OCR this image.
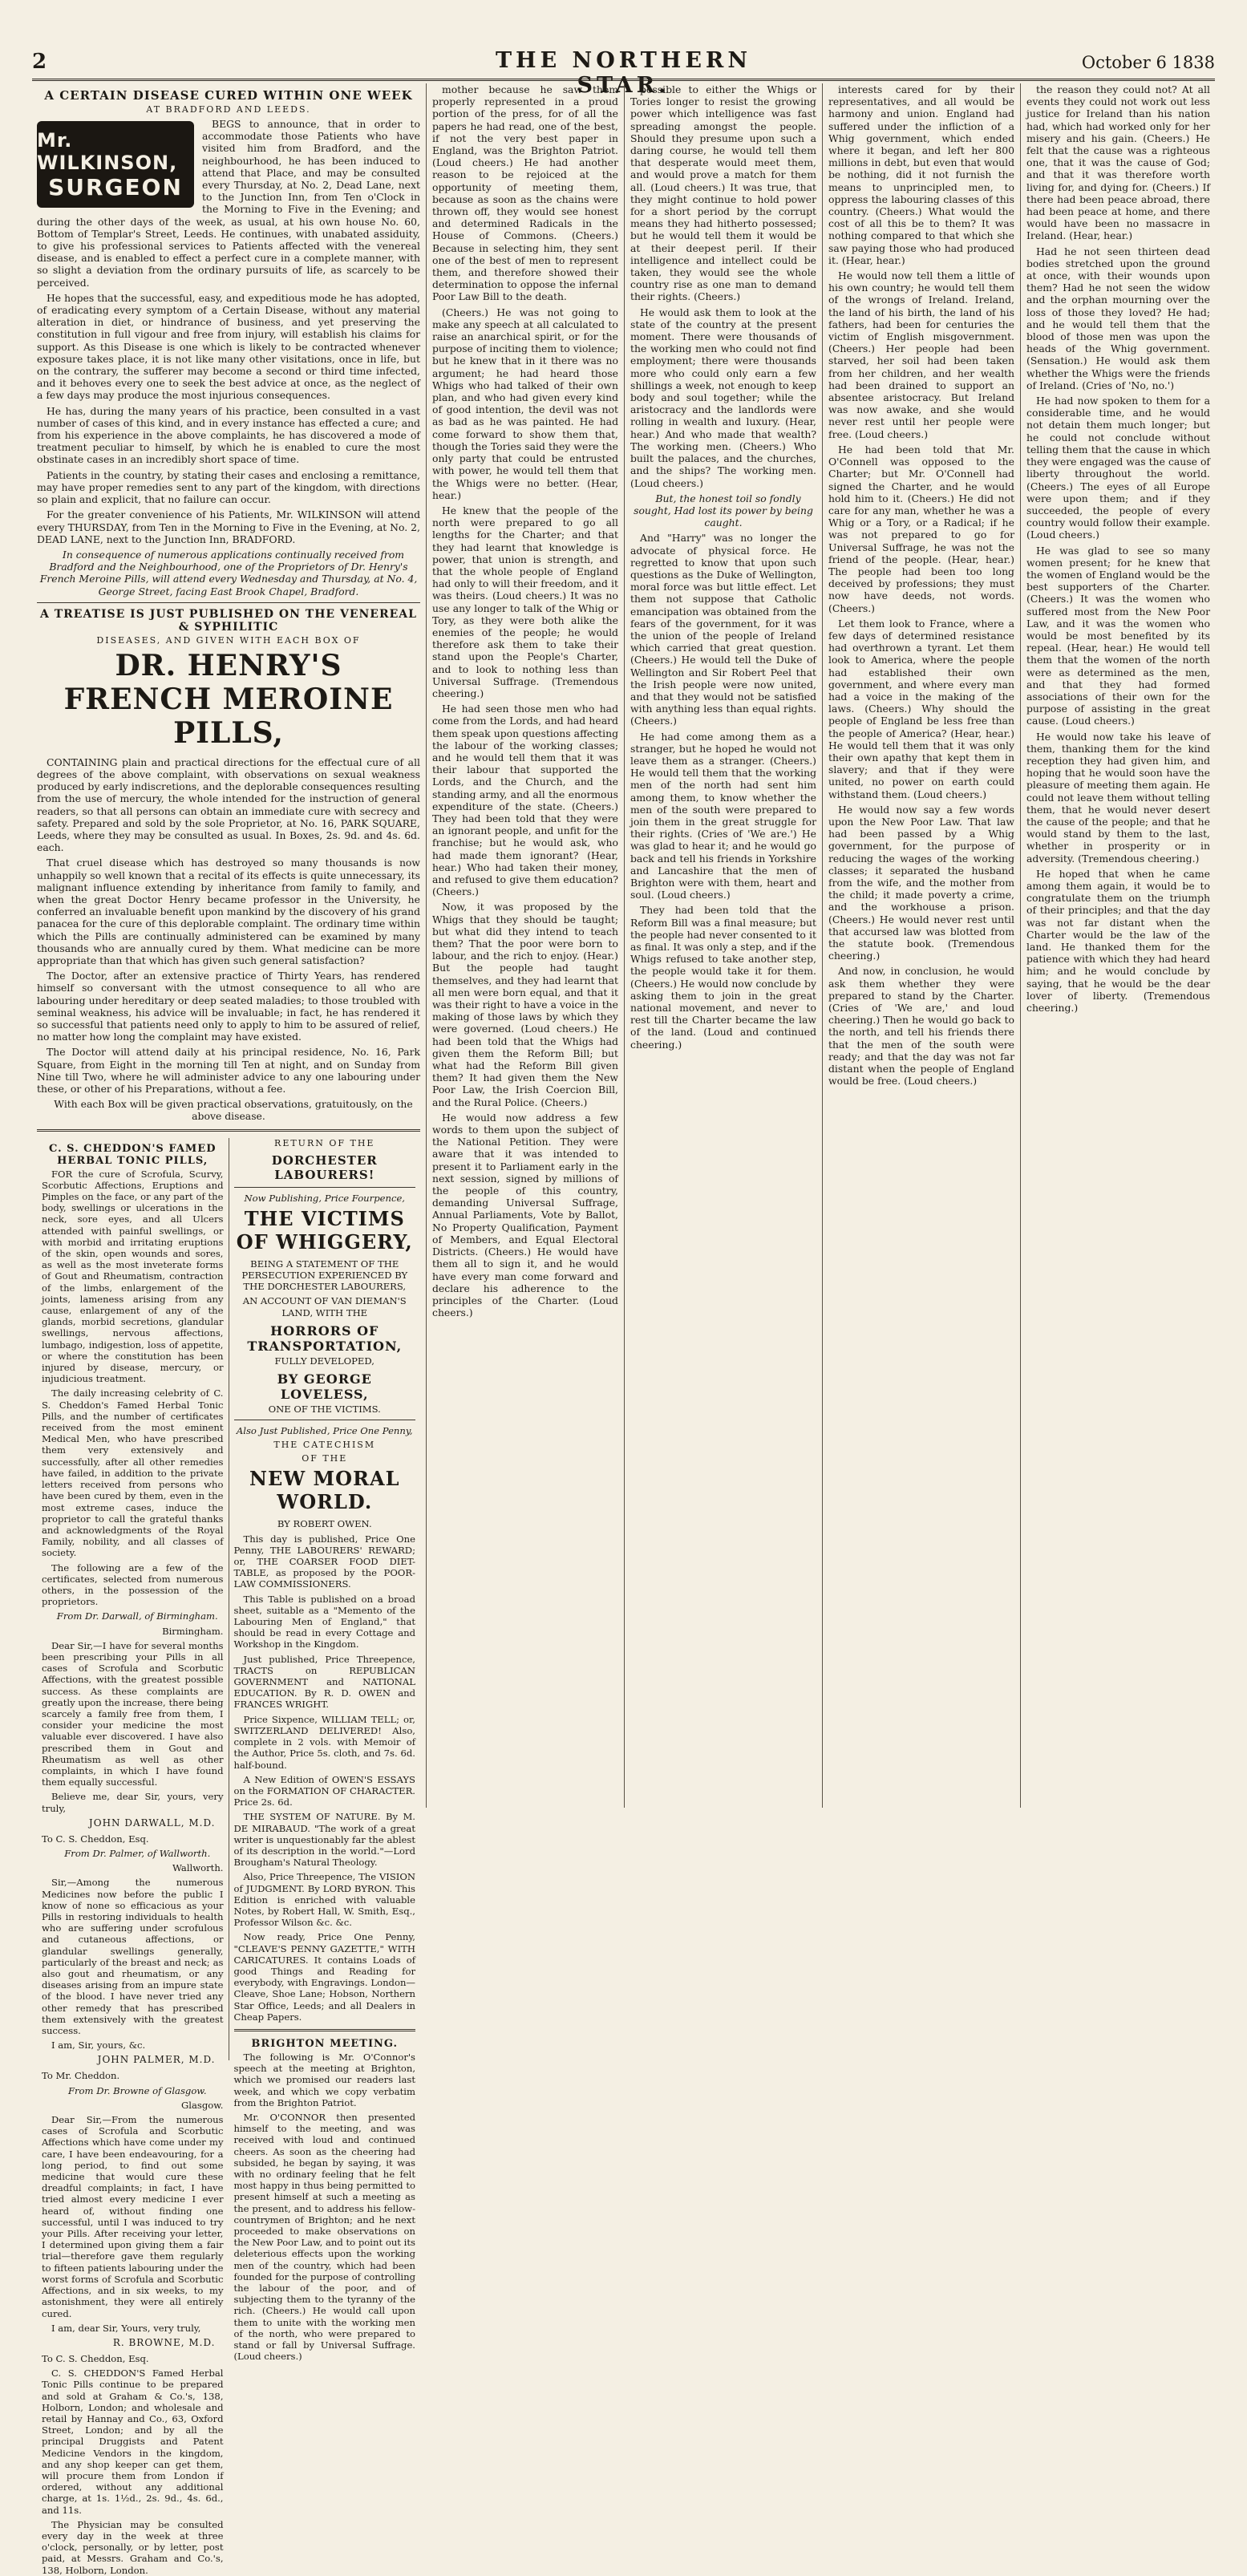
2	THE NORTHERN STAR.
October 6 1838
A CERTAIN DISEASE CURED WITHIN ONE WEEK
AT BRADFORD AND LEEDS.
Mr. WILKINSON,
SURGEON

BEGS to announce, that in order to accommodate those Patients who have visited him from Bradford, and the neighbourhood, he has been induced to attend that Place, and may be consulted every Thursday, at No. 2, Dead Lane, next to the Junction Inn, from Ten o'Clock in the Morning to Five in the Evening; and during the other days of the week, as usual, at his own house No. 60, Bottom of Templar's Street, Leeds. He continues, with unabated assiduity, to give his professional services to Patients affected with the venereal disease, and is enabled to effect a perfect cure in a complete manner, with so slight a deviation from the ordinary pursuits of life, as scarcely to be perceived.

He hopes that the successful, easy, and expeditious mode he has adopted, of eradicating every symptom of a Certain Disease, without any material alteration in diet, or hindrance of business, and yet preserving the constitution in full vigour and free from injury, will establish his claims for support. As this Disease is one which is likely to be contracted whenever exposure takes place, it is not like many other visitations, once in life, but on the contrary, the sufferer may become a second or third time infected, and it behoves every one to seek the best advice at once, as the neglect of a few days may produce the most injurious consequences.

He has, during the many years of his practice, been consulted in a vast number of cases of this kind, and in every instance has effected a cure; and from his experience in the above complaints, he has discovered a mode of treatment peculiar to himself, by which he is enabled to cure the most obstinate cases in an incredibly short space of time.

Patients in the country, by stating their cases and enclosing a remittance, may have proper remedies sent to any part of the kingdom, with directions so plain and explicit, that no failure can occur.

For the greater convenience of his Patients, Mr. WILKINSON will attend every THURSDAY, from Ten in the Morning to Five in the Evening, at No. 2, DEAD LANE, next to the Junction Inn, BRADFORD.

In consequence of numerous applications continually received from Bradford and the Neighbourhood, one of the Proprietors of Dr. Henry's French Meroine Pills, will attend every Wednesday and Thursday, at No. 4, George Street, facing East Brook Chapel, Bradford.

A TREATISE IS JUST PUBLISHED ON THE VENEREAL & SYPHILITIC
DISEASES, AND GIVEN WITH EACH BOX OF
DR. HENRY'S FRENCH MEROINE PILLS,

CONTAINING plain and practical directions for the effectual cure of all degrees of the above complaint, with observations on sexual weakness produced by early indiscretions, and the deplorable consequences resulting from the use of mercury, the whole intended for the instruction of general readers, so that all persons can obtain an immediate cure with secrecy and safety. Prepared and sold by the sole Proprietor, at No. 16, PARK SQUARE, Leeds, where they may be consulted as usual. In Boxes, 2s. 9d. and 4s. 6d. each.

That cruel disease which has destroyed so many thousands is now unhappily so well known that a recital of its effects is quite unnecessary, its malignant influence extending by inheritance from family to family, and when the great Doctor Henry became professor in the University, he conferred an invaluable benefit upon mankind by the discovery of his grand panacea for the cure of this deplorable complaint. The ordinary time within which the Pills are continually administered can be examined by many thousands who are annually cured by them. What medicine can be more appropriate than that which has given such general satisfaction?

The Doctor, after an extensive practice of Thirty Years, has rendered himself so conversant with the utmost consequence to all who are labouring under hereditary or deep seated maladies; to those troubled with seminal weakness, his advice will be invaluable; in fact, he has rendered it so successful that patients need only to apply to him to be assured of relief, no matter how long the complaint may have existed.

The Doctor will attend daily at his principal residence, No. 16, Park Square, from Eight in the morning till Ten at night, and on Sunday from Nine till Two, where he will administer advice to any one labouring under these, or other of his Preparations, without a fee.

With each Box will be given practical observations, gratuitously, on the above disease.

C. S. CHEDDON'S FAMED HERBAL TONIC PILLS,

FOR the cure of Scrofula, Scurvy, Scorbutic Affections, Eruptions and Pimples on the face, or any part of the body, swellings or ulcerations in the neck, sore eyes, and all Ulcers attended with painful swellings, or with morbid and irritating eruptions of the skin, open wounds and sores, as well as the most inveterate forms of Gout and Rheumatism, contraction of the limbs, enlargement of the joints, lameness arising from any cause, enlargement of any of the glands, morbid secretions, glandular swellings, nervous affections, lumbago, indigestion, loss of appetite, or where the constitution has been injured by disease, mercury, or injudicious treatment.

The daily increasing celebrity of C. S. Cheddon's Famed Herbal Tonic Pills, and the number of certificates received from the most eminent Medical Men, who have prescribed them very extensively and successfully, after all other remedies have failed, in addition to the private letters received from persons who have been cured by them, even in the most extreme cases, induce the proprietor to call the grateful thanks and acknowledgments of the Royal Family, nobility, and all classes of society.

The following are a few of the certificates, selected from numerous others, in the possession of the proprietors.

From Dr. Darwall, of Birmingham.

Birmingham.

Dear Sir,—I have for several months been prescribing your Pills in all cases of Scrofula and Scorbutic Affections, with the greatest possible success. As these complaints are greatly upon the increase, there being scarcely a family free from them, I consider your medicine the most valuable ever discovered. I have also prescribed them in Gout and Rheumatism as well as other complaints, in which I have found them equally successful.

Believe me, dear Sir, yours, very truly,

JOHN DARWALL, M.D.

To C. S. Cheddon, Esq.

From Dr. Palmer, of Wallworth.

Wallworth.

Sir,—Among the numerous Medicines now before the public I know of none so efficacious as your Pills in restoring individuals to health who are suffering under scrofulous and cutaneous affections, or glandular swellings generally, particularly of the breast and neck; as also gout and rheumatism, or any diseases arising from an impure state of the blood. I have never tried any other remedy that has prescribed them extensively with the greatest success.

I am, Sir, yours, &c.

JOHN PALMER, M.D.

To Mr. Cheddon.

From Dr. Browne of Glasgow.

Glasgow.

Dear Sir,—From the numerous cases of Scrofula and Scorbutic Affections which have come under my care, I have been endeavouring, for a long period, to find out some medicine that would cure these dreadful complaints; in fact, I have tried almost every medicine I ever heard of, without finding one successful, until I was induced to try your Pills. After receiving your letter, I determined upon giving them a fair trial—therefore gave them regularly to fifteen patients labouring under the worst forms of Scrofula and Scorbutic Affections, and in six weeks, to my astonishment, they were all entirely cured.

I am, dear Sir, Yours, very truly,

R. BROWNE, M.D.

To C. S. Cheddon, Esq.

C. S. CHEDDON'S Famed Herbal Tonic Pills continue to be prepared and sold at Graham & Co.'s, 138, Holborn, London; and wholesale and retail by Hannay and Co., 63, Oxford Street, London; and by all the principal Druggists and Patent Medicine Vendors in the kingdom, and any shop keeper can get them, will procure them from London if ordered, without any additional charge, at 1s. 1½d., 2s. 9d., 4s. 6d., and 11s.

The Physician may be consulted every day in the week at three o'clock, personally, or by letter, post paid, at Messrs. Graham and Co.'s, 138, Holborn, London.

RETURN OF THE
DORCHESTER LABOURERS!

Now Publishing, Price Fourpence,

THE VICTIMS OF WHIGGERY,

BEING A STATEMENT OF THE PERSECUTION EXPERIENCED BY THE DORCHESTER LABOURERS,

AN ACCOUNT OF VAN DIEMAN'S LAND, WITH THE

HORRORS OF TRANSPORTATION,

FULLY DEVELOPED,

BY GEORGE LOVELESS,

ONE OF THE VICTIMS.

Also Just Published, Price One Penny,

THE CATECHISM
OF THE
NEW MORAL WORLD.

BY ROBERT OWEN.

This day is published, Price One Penny, THE LABOURERS' REWARD; or, THE COARSER FOOD DIET-TABLE, as proposed by the POOR-LAW COMMISSIONERS.

This Table is published on a broad sheet, suitable as a "Memento of the Labouring Men of England," that should be read in every Cottage and Workshop in the Kingdom.

Just published, Price Threepence, TRACTS on REPUBLICAN GOVERNMENT and NATIONAL EDUCATION. By R. D. OWEN and FRANCES WRIGHT.

Price Sixpence, WILLIAM TELL; or, SWITZERLAND DELIVERED! Also, complete in 2 vols. with Memoir of the Author, Price 5s. cloth, and 7s. 6d. half-bound.

A New Edition of OWEN'S ESSAYS on the FORMATION OF CHARACTER. Price 2s. 6d.

THE SYSTEM OF NATURE. By M. DE MIRABAUD. "The work of a great writer is unquestionably far the ablest of its description in the world."—Lord Brougham's Natural Theology.

Also, Price Threepence, The VISION of JUDGMENT. By LORD BYRON. This Edition is enriched with valuable Notes, by Robert Hall, W. Smith, Esq., Professor Wilson &c. &c.

Now ready, Price One Penny, "CLEAVE'S PENNY GAZETTE," WITH CARICATURES. It contains Loads of good Things and Reading for everybody, with Engravings. London—Cleave, Shoe Lane; Hobson, Northern Star Office, Leeds; and all Dealers in Cheap Papers.

BRIGHTON MEETING.

The following is Mr. O'Connor's speech at the meeting at Brighton, which we promised our readers last week, and which we copy verbatim from the Brighton Patriot.

Mr. O'CONNOR then presented himself to the meeting, and was received with loud and continued cheers. As soon as the cheering had subsided, he began by saying, it was with no ordinary feeling that he felt most happy in thus being permitted to present himself at such a meeting as the present, and to address his fellow-countrymen of Brighton; and he next proceeded to make observations on the New Poor Law, and to point out its deleterious effects upon the working men of the country, which had been founded for the purpose of controlling the labour of the poor, and of subjecting them to the tyranny of the rich. (Cheers.) He would call upon them to unite with the working men of the north, who were prepared to stand or fall by Universal Suffrage. (Loud cheers.)

mother because he saw them properly represented in a proud portion of the press, for of all the papers he had read, one of the best, if not the very best paper in England, was the Brighton Patriot. (Loud cheers.) He had another reason to be rejoiced at the opportunity of meeting them, because as soon as the chains were thrown off, they would see honest and determined Radicals in the House of Commons. (Cheers.) Because in selecting him, they sent one of the best of men to represent them, and therefore showed their determination to oppose the infernal Poor Law Bill to the death.

(Cheers.) He was not going to make any speech at all calculated to raise an anarchical spirit, or for the purpose of inciting them to violence; but he knew that in it there was no argument; he had heard those Whigs who had talked of their own plan, and who had given every kind of good intention, the devil was not as bad as he was painted. He had come forward to show them that, though the Tories said they were the only party that could be entrusted with power, he would tell them that the Whigs were no better. (Hear, hear.)

He knew that the people of the north were prepared to go all lengths for the Charter; and that they had learnt that knowledge is power, that union is strength, and that the whole people of England had only to will their freedom, and it was theirs. (Loud cheers.) It was no use any longer to talk of the Whig or Tory, as they were both alike the enemies of the people; he would therefore ask them to take their stand upon the People's Charter, and to look to nothing less than Universal Suffrage. (Tremendous cheering.)

He had seen those men who had come from the Lords, and had heard them speak upon questions affecting the labour of the working classes; and he would tell them that it was their labour that supported the Lords, and the Church, and the standing army, and all the enormous expenditure of the state. (Cheers.) They had been told that they were an ignorant people, and unfit for the franchise; but he would ask, who had made them ignorant? (Hear, hear.) Who had taken their money, and refused to give them education? (Cheers.)

Now, it was proposed by the Whigs that they should be taught; but what did they intend to teach them? That the poor were born to labour, and the rich to enjoy. (Hear.) But the people had taught themselves, and they had learnt that all men were born equal, and that it was their right to have a voice in the making of those laws by which they were governed. (Loud cheers.) He had been told that the Whigs had given them the Reform Bill; but what had the Reform Bill given them? It had given them the New Poor Law, the Irish Coercion Bill, and the Rural Police. (Cheers.)

He would now address a few words to them upon the subject of the National Petition. They were aware that it was intended to present it to Parliament early in the next session, signed by millions of the people of this country, demanding Universal Suffrage, Annual Parliaments, Vote by Ballot, No Property Qualification, Payment of Members, and Equal Electoral Districts. (Cheers.) He would have them all to sign it, and he would have every man come forward and declare his adherence to the principles of the Charter. (Loud cheers.)

possible to either the Whigs or Tories longer to resist the growing power which intelligence was fast spreading amongst the people. Should they presume upon such a daring course, he would tell them that desperate would meet them, and would prove a match for them all. (Loud cheers.) It was true, that they might continue to hold power for a short period by the corrupt means they had hitherto possessed; but he would tell them it would be at their deepest peril. If their intelligence and intellect could be taken, they would see the whole country rise as one man to demand their rights. (Cheers.)

He would ask them to look at the state of the country at the present moment. There were thousands of the working men who could not find employment; there were thousands more who could only earn a few shillings a week, not enough to keep body and soul together; while the aristocracy and the landlords were rolling in wealth and luxury. (Hear, hear.) And who made that wealth? The working men. (Cheers.) Who built the palaces, and the churches, and the ships? The working men. (Loud cheers.)

But, the honest toil so fondly sought, Had lost its power by being caught.

And "Harry" was no longer the advocate of physical force. He regretted to know that upon such questions as the Duke of Wellington, moral force was but little effect. Let them not suppose that Catholic emancipation was obtained from the fears of the government, for it was the union of the people of Ireland which carried that great question. (Cheers.) He would tell the Duke of Wellington and Sir Robert Peel that the Irish people were now united, and that they would not be satisfied with anything less than equal rights. (Cheers.)

He had come among them as a stranger, but he hoped he would not leave them as a stranger. (Cheers.) He would tell them that the working men of the north had sent him among them, to know whether the men of the south were prepared to join them in the great struggle for their rights. (Cries of 'We are.') He was glad to hear it; and he would go back and tell his friends in Yorkshire and Lancashire that the men of Brighton were with them, heart and soul. (Loud cheers.)

They had been told that the Reform Bill was a final measure; but the people had never consented to it as final. It was only a step, and if the Whigs refused to take another step, the people would take it for them. (Cheers.) He would now conclude by asking them to join in the great national movement, and never to rest till the Charter became the law of the land. (Loud and continued cheering.)

interests cared for by their representatives, and all would be harmony and union. England had suffered under the infliction of a Whig government, which ended where it began, and left her 800 millions in debt, but even that would be nothing, did it not furnish the means to unprincipled men, to oppress the labouring classes of this country. (Cheers.) What would the cost of all this be to them? It was nothing compared to that which she saw paying those who had produced it. (Hear, hear.)

He would now tell them a little of his own country; he would tell them of the wrongs of Ireland. Ireland, the land of his birth, the land of his fathers, had been for centuries the victim of English misgovernment. (Cheers.) Her people had been starved, her soil had been taken from her children, and her wealth had been drained to support an absentee aristocracy. But Ireland was now awake, and she would never rest until her people were free. (Loud cheers.)

He had been told that Mr. O'Connell was opposed to the Charter; but Mr. O'Connell had signed the Charter, and he would hold him to it. (Cheers.) He did not care for any man, whether he was a Whig or a Tory, or a Radical; if he was not prepared to go for Universal Suffrage, he was not the friend of the people. (Hear, hear.) The people had been too long deceived by professions; they must now have deeds, not words. (Cheers.)

Let them look to France, where a few days of determined resistance had overthrown a tyrant. Let them look to America, where the people had established their own government, and where every man had a voice in the making of the laws. (Cheers.) Why should the people of England be less free than the people of America? (Hear, hear.) He would tell them that it was only their own apathy that kept them in slavery; and that if they were united, no power on earth could withstand them. (Loud cheers.)

He would now say a few words upon the New Poor Law. That law had been passed by a Whig government, for the purpose of reducing the wages of the working classes; it separated the husband from the wife, and the mother from the child; it made poverty a crime, and the workhouse a prison. (Cheers.) He would never rest until that accursed law was blotted from the statute book. (Tremendous cheering.)

And now, in conclusion, he would ask them whether they were prepared to stand by the Charter. (Cries of 'We are,' and loud cheering.) Then he would go back to the north, and tell his friends there that the men of the south were ready; and that the day was not far distant when the people of England would be free. (Loud cheers.)

the reason they could not? At all events they could not work out less justice for Ireland than his nation had, which had worked only for her misery and his gain. (Cheers.) He felt that the cause was a righteous one, that it was the cause of God; and that it was therefore worth living for, and dying for. (Cheers.) If there had been peace abroad, there had been peace at home, and there would have been no massacre in Ireland. (Hear, hear.)

Had he not seen thirteen dead bodies stretched upon the ground at once, with their wounds upon them? Had he not seen the widow and the orphan mourning over the loss of those they loved? He had; and he would tell them that the blood of those men was upon the heads of the Whig government. (Sensation.) He would ask them whether the Whigs were the friends of Ireland. (Cries of 'No, no.')

He had now spoken to them for a considerable time, and he would not detain them much longer; but he could not conclude without telling them that the cause in which they were engaged was the cause of liberty throughout the world. (Cheers.) The eyes of all Europe were upon them; and if they succeeded, the people of every country would follow their example. (Loud cheers.)

He was glad to see so many women present; for he knew that the women of England would be the best supporters of the Charter. (Cheers.) It was the women who suffered most from the New Poor Law, and it was the women who would be most benefited by its repeal. (Hear, hear.) He would tell them that the women of the north were as determined as the men, and that they had formed associations of their own for the purpose of assisting in the great cause. (Loud cheers.)

He would now take his leave of them, thanking them for the kind reception they had given him, and hoping that he would soon have the pleasure of meeting them again. He could not leave them without telling them, that he would never desert the cause of the people; and that he would stand by them to the last, whether in prosperity or in adversity. (Tremendous cheering.)

He hoped that when he came among them again, it would be to congratulate them on the triumph of their principles; and that the day was not far distant when the Charter would be the law of the land. He thanked them for the patience with which they had heard him; and he would conclude by saying, that he would be the dear lover of liberty. (Tremendous cheering.)
